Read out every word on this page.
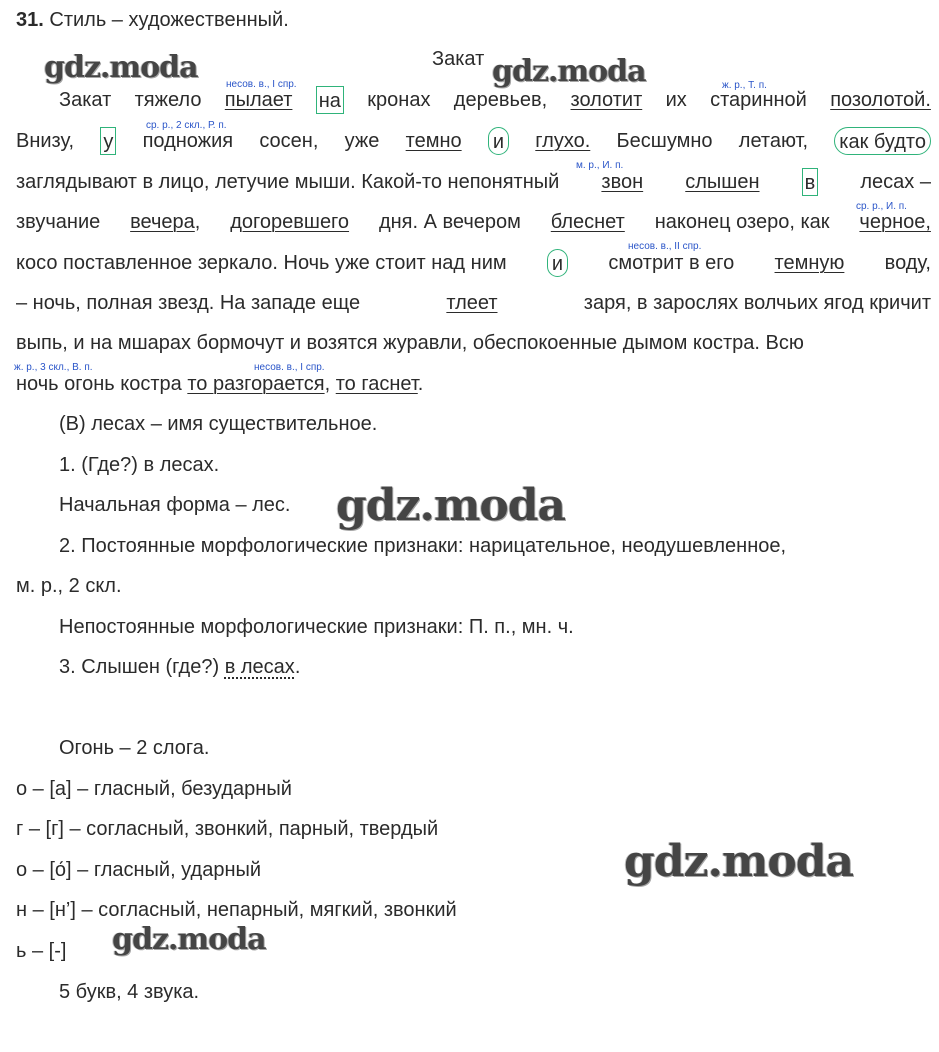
31. Стиль – художественный.
Закат
gdz.moda	gdz.moda
gdz.moda
gdz.moda
gdz.moda
несов. в., I спр.	ж. р., Т. п.
ср. р., 2 скл., Р. п.
м. р., И. п.
ср. р., И. п.
несов. в., II спр.
ж. р., 3 скл., В. п.	несов. в., I спр.
Закат тяжело пылает на кронах деревьев, золотит их старинной позолотой.
Внизу, у подножия сосен, уже темно и глухо. Бесшумно летают, как будто
заглядывают в лицо, летучие мыши. Какой-то непонятный звон слышен в лесах –
звучание вечера, догоревшего дня. А вечером блеснет наконец озеро, как черное,
косо поставленное зеркало. Ночь уже стоит над ним и смотрит в его темную воду,
– ночь, полная звезд. На западе еще	тлеет	заря, в зарослях волчьих ягод кричит
выпь, и на мшарах бормочут и возятся журавли, обеспокоенные дымом костра. Всю
ночь огонь костра то разгорается, то гаснет.
(В) лесах – имя существительное.
1. (Где?) в лесах.
Начальная форма – лес.
2. Постоянные морфологические признаки: нарицательное, неодушевленное,
м. р., 2 скл.
Непостоянные морфологические признаки: П. п., мн. ч.
3. Слышен (где?) в лесах.
Огонь – 2 слога.
о – [а] – гласный, безударный
г – [г] – согласный, звонкий, парный, твердый
о – [о́] – гласный, ударный
н – [н’] – согласный, непарный, мягкий, звонкий
ь – [-]
5 букв, 4 звука.
